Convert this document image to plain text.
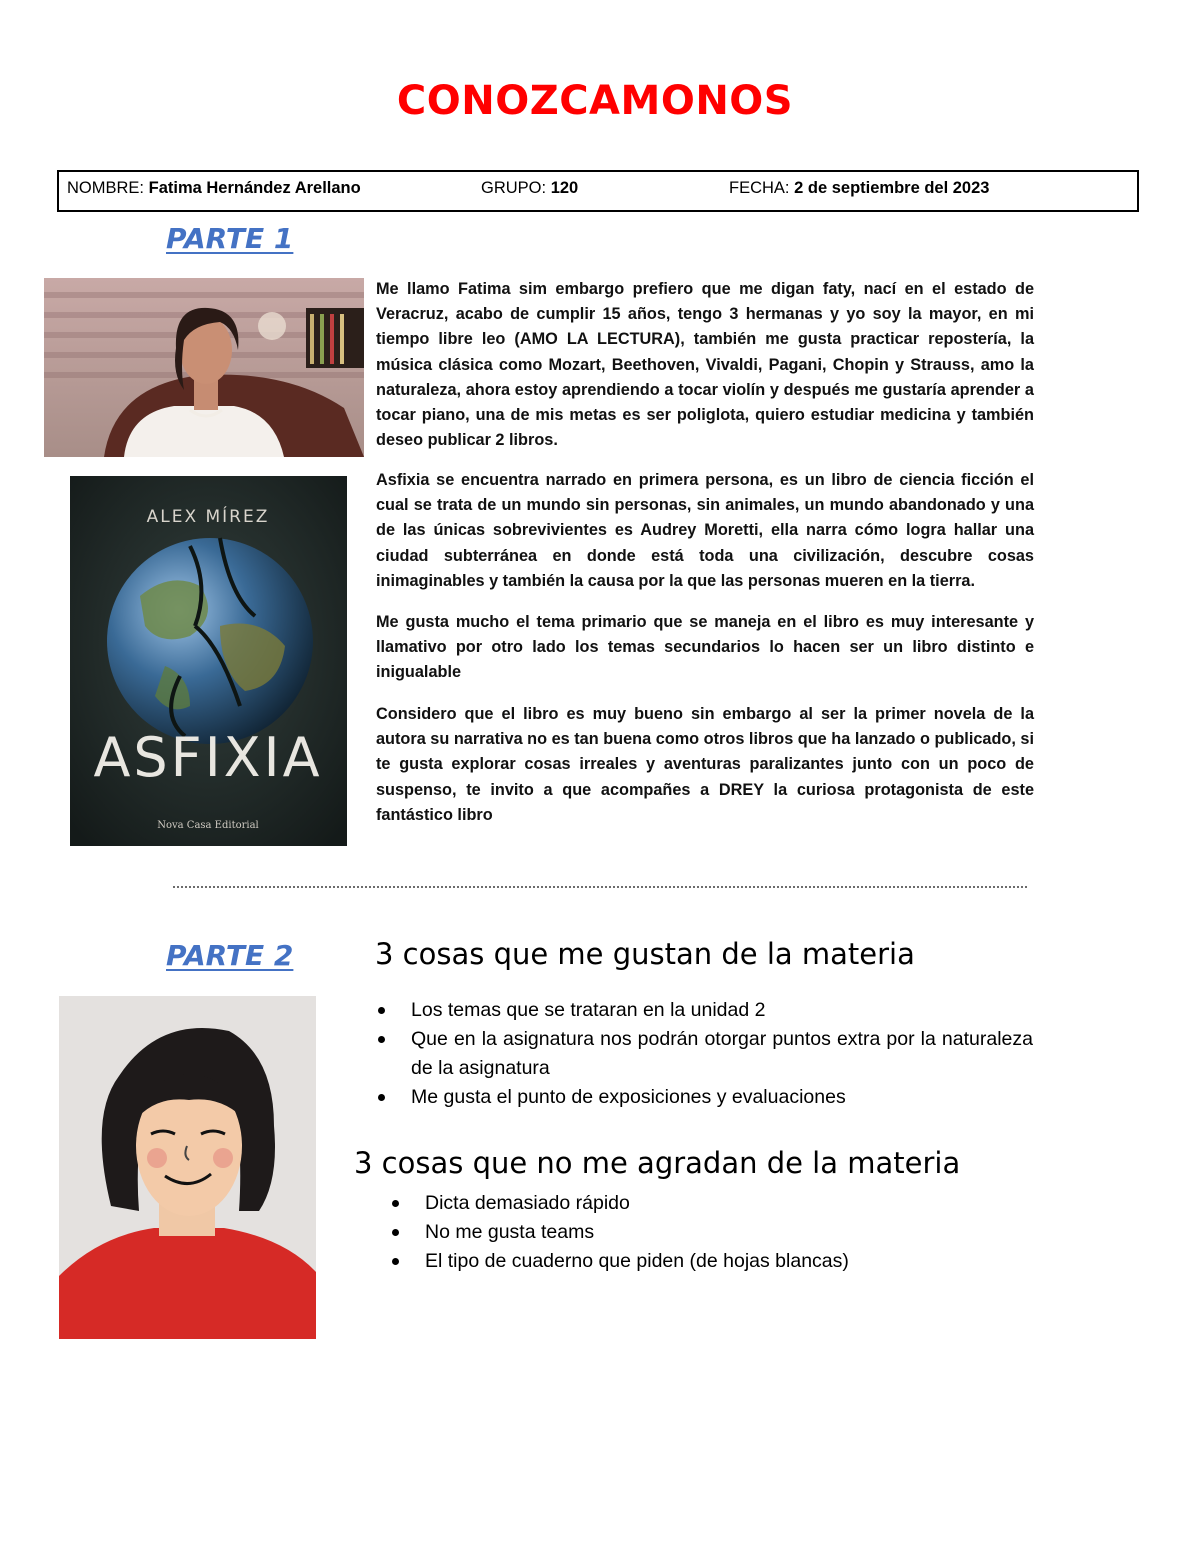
CONOZCAMONOS
NOMBRE: Fatima Hernández Arellano	GRUPO: 120	FECHA: 2 de septiembre del 2023
PARTE 1
ALEX MÍREZ
ASFIXIA
Nova Casa Editorial

Me llamo Fatima sim embargo prefiero que me digan faty, nací en el estado de Veracruz, acabo de cumplir 15 años, tengo 3 hermanas y yo soy la mayor, en mi tiempo libre leo (AMO LA LECTURA), también me gusta practicar repostería, la música clásica como Mozart, Beethoven, Vivaldi, Pagani, Chopin y Strauss, amo la naturaleza, ahora estoy aprendiendo a tocar violín y después me gustaría aprender a tocar piano, una de mis metas es ser poliglota, quiero estudiar medicina y también deseo publicar 2 libros.

Asfixia se encuentra narrado en primera persona, es un libro de ciencia ficción el cual se trata de un mundo sin personas, sin animales, un mundo abandonado y una de las únicas sobrevivientes es Audrey Moretti, ella narra cómo logra hallar una ciudad subterránea en donde está toda una civilización, descubre cosas inimaginables y también la causa por la que las personas mueren en la tierra.

Me gusta mucho el tema primario que se maneja en el libro es muy interesante y llamativo por otro lado los temas secundarios lo hacen ser un libro distinto e inigualable

Considero que el libro es muy bueno sin embargo al ser la primer novela de la autora su narrativa no es tan buena como otros libros que ha lanzado o publicado, si te gusta explorar cosas irreales y aventuras paralizantes junto con un poco de suspenso, te invito a que acompañes a DREY la curiosa protagonista de este fantástico libro

PARTE 2	3 cosas que me gustan de la materia
Los temas que se trataran en la unidad 2
Que en la asignatura nos podrán otorgar puntos extra por la naturaleza de la asignatura
Me gusta el punto de exposiciones y evaluaciones
3 cosas que no me agradan de la materia
Dicta demasiado rápido
No me gusta teams
El tipo de cuaderno que piden (de hojas blancas)
